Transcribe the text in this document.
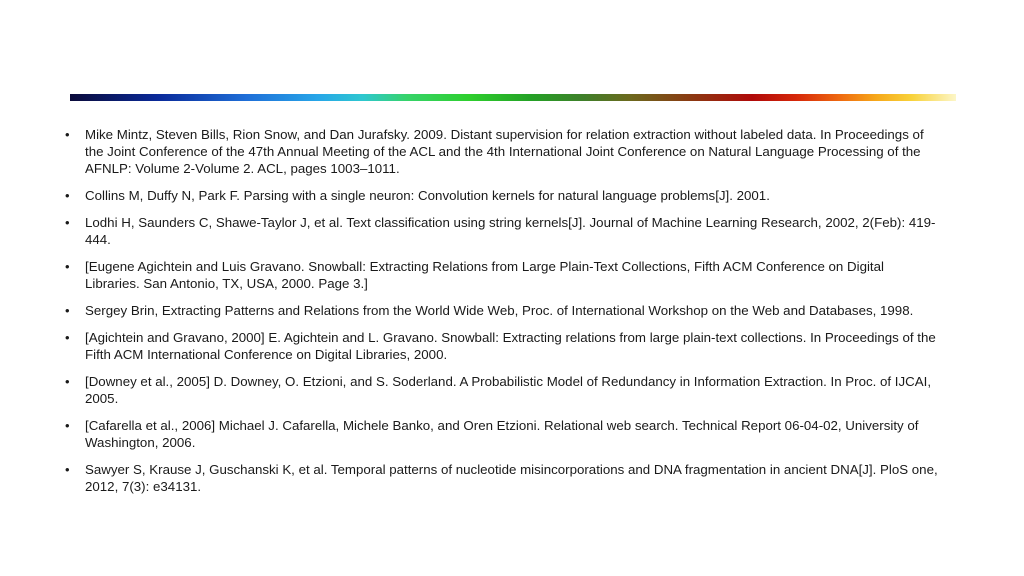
• Mike Mintz, Steven Bills, Rion Snow, and Dan Jurafsky. 2009. Distant supervision for relation extraction without labeled data. In Proceedings of the Joint Conference of the 47th Annual Meeting of the ACL and the 4th International Joint Conference on Natural Language Processing of the AFNLP: Volume 2-Volume 2. ACL, pages 1003–1011.
• Collins M, Duffy N, Park F. Parsing with a single neuron: Convolution kernels for natural language problems[J]. 2001.
• Lodhi H, Saunders C, Shawe-Taylor J, et al. Text classification using string kernels[J]. Journal of Machine Learning Research, 2002, 2(Feb): 419-444.
• [Eugene Agichtein and Luis Gravano. Snowball: Extracting Relations from Large Plain-Text Collections, Fifth ACM Conference on Digital Libraries. San Antonio, TX, USA, 2000. Page 3.]
• Sergey Brin, Extracting Patterns and Relations from the World Wide Web, Proc. of International Workshop on the Web and Databases, 1998.
• [Agichtein and Gravano, 2000] E. Agichtein and L. Gravano. Snowball: Extracting relations from large plain-text collections. In Proceedings of the Fifth ACM International Conference on Digital Libraries, 2000.
• [Downey et al., 2005] D. Downey, O. Etzioni, and S. Soderland. A Probabilistic Model of Redundancy in Information Extraction. In Proc. of IJCAI, 2005.
• [Cafarella et al., 2006] Michael J. Cafarella, Michele Banko, and Oren Etzioni. Relational web search. Technical Report 06-04-02, University of Washington, 2006.
• Sawyer S, Krause J, Guschanski K, et al. Temporal patterns of nucleotide misincorporations and DNA fragmentation in ancient DNA[J]. PloS one, 2012, 7(3): e34131.
